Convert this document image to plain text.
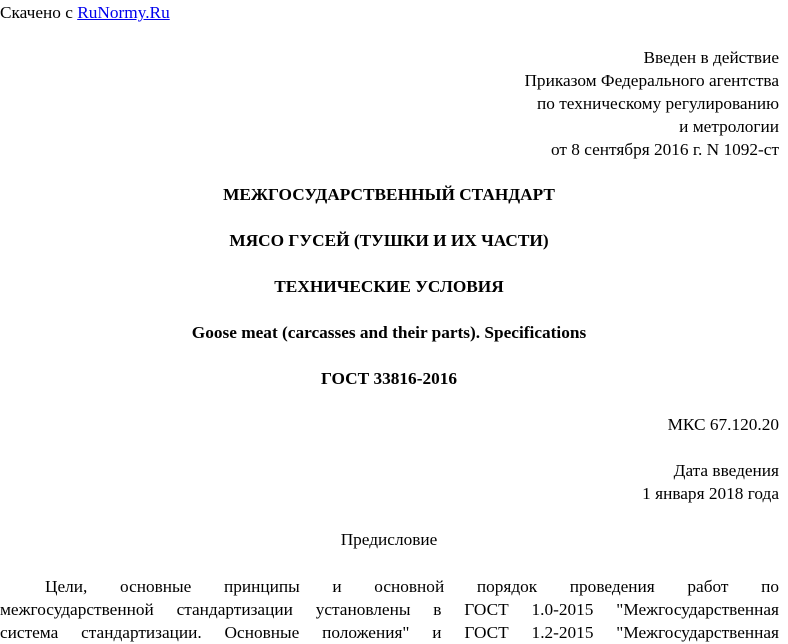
Скачено с RuNormy.Ru
Введен в действие
Приказом Федерального агентства
по техническому регулированию
и метрологии
от 8 сентября 2016 г. N 1092-ст
МЕЖГОСУДАРСТВЕННЫЙ СТАНДАРТ
МЯСО ГУСЕЙ (ТУШКИ И ИХ ЧАСТИ)
ТЕХНИЧЕСКИЕ УСЛОВИЯ
Goose meat (carcasses and their parts). Specifications
ГОСТ 33816-2016
МКС 67.120.20
Дата введения
1 января 2018 года
Предисловие
Цели, основные принципы и основной порядок проведения работ по
межгосударственной стандартизации установлены в ГОСТ 1.0-2015 "Межгосударственная
система стандартизации. Основные положения" и ГОСТ 1.2-2015 "Межгосударственная
